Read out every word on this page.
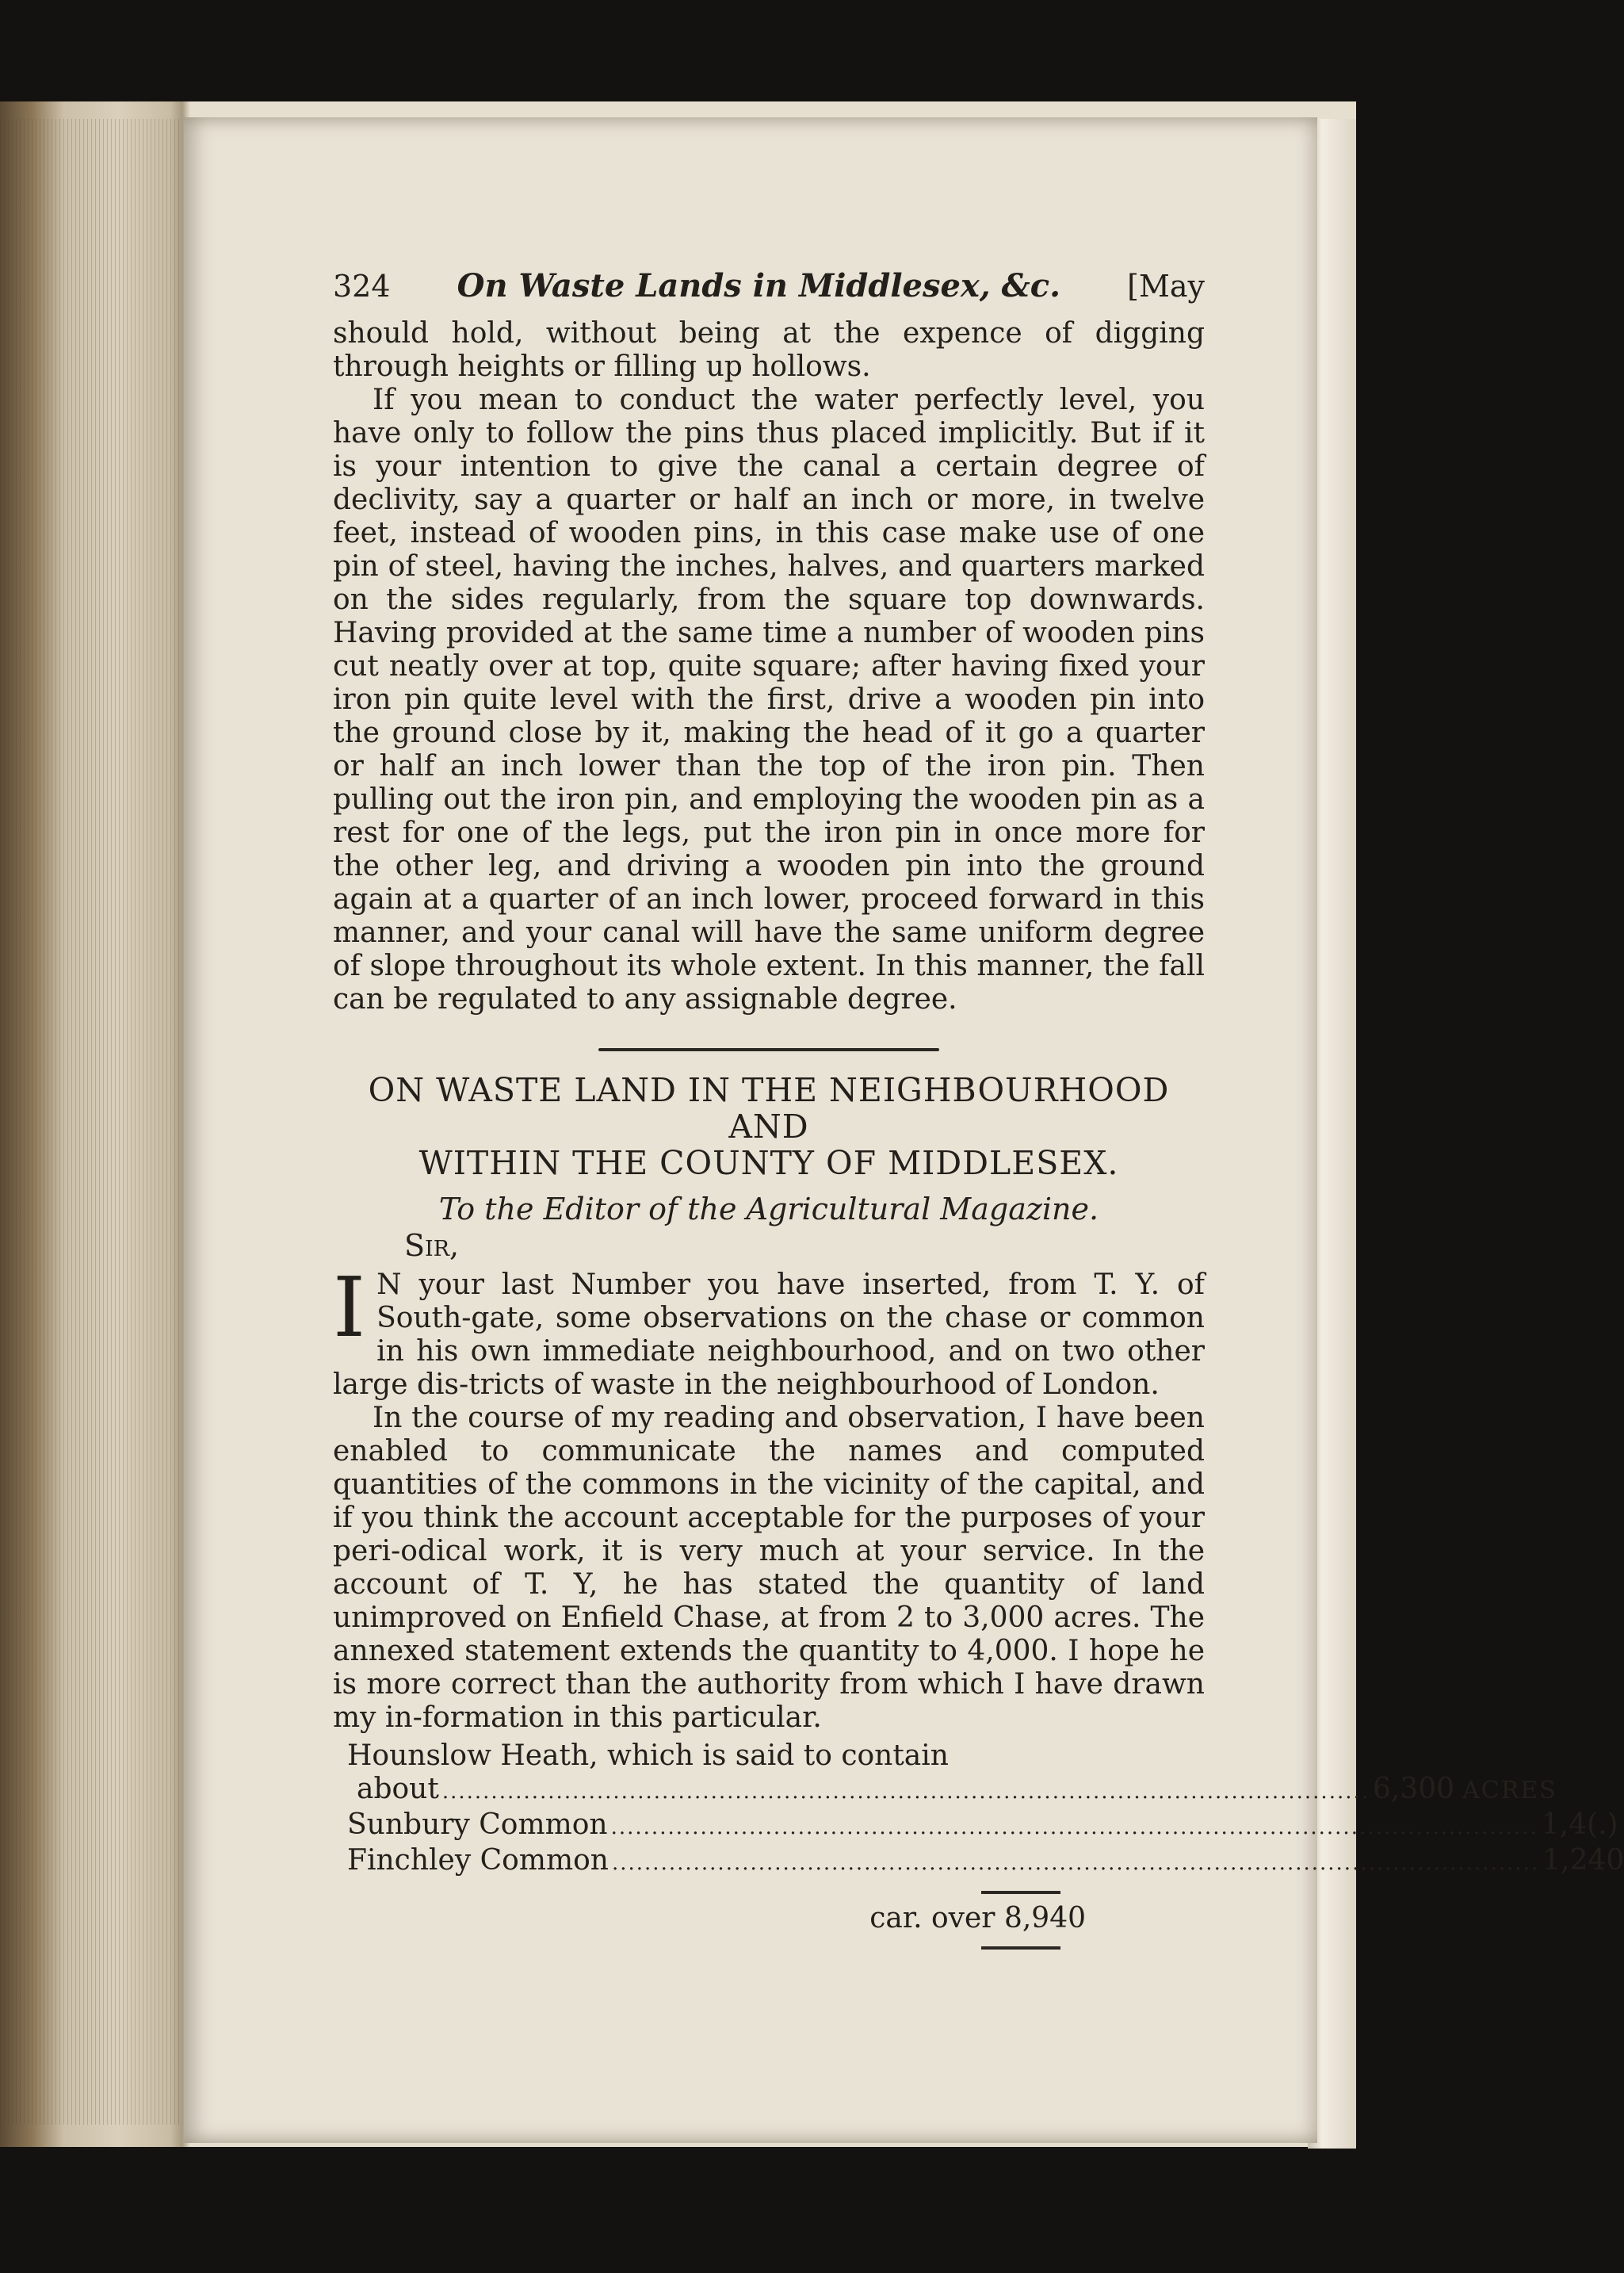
324 On Waste Lands in Middlesex, &c. [May

should hold, without being at the expence of digging through heights or filling up hollows.

If you mean to conduct the water perfectly level, you have only to follow the pins thus placed implicitly. But if it is your intention to give the canal a certain degree of declivity, say a quarter or half an inch or more, in twelve feet, instead of wooden pins, in this case make use of one pin of steel, having the inches, halves, and quarters marked on the sides regularly, from the square top downwards. Having provided at the same time a number of wooden pins cut neatly over at top, quite square; after having fixed your iron pin quite level with the first, drive a wooden pin into the ground close by it, making the head of it go a quarter or half an inch lower than the top of the iron pin. Then pulling out the iron pin, and employing the wooden pin as a rest for one of the legs, put the iron pin in once more for the other leg, and driving a wooden pin into the ground again at a quarter of an inch lower, proceed forward in this manner, and your canal will have the same uniform degree of slope throughout its whole extent. In this manner, the fall can be regulated to any assignable degree.

ON WASTE LAND IN THE NEIGHBOURHOOD AND

WITHIN THE COUNTY OF MIDDLESEX.

To the Editor of the Agricultural Magazine.

Sir,

I N your last Number you have inserted, from T. Y. of South-gate, some observations on the chase or common in his own immediate neighbourhood, and on two other large dis-tricts of waste in the neighbourhood of London.

In the course of my reading and observation, I have been enabled to communicate the names and computed quantities of the commons in the vicinity of the capital, and if you think the account acceptable for the purposes of your peri-odical work, it is very much at your service. In the account of T. Y, he has stated the quantity of land unimproved on Enfield Chase, at from 2 to 3,000 acres. The annexed statement extends the quantity to 4,000. I hope he is more correct than the authority from which I have drawn my in-formation in this particular.

Hounslow Heath, which is said to contain
about .................................................................................................................. 6,300 ACRES
Sunbury Common .................................................................................................................. 1,4(.)
Finchley Common .................................................................................................................. 1,240
car. over 8,940
